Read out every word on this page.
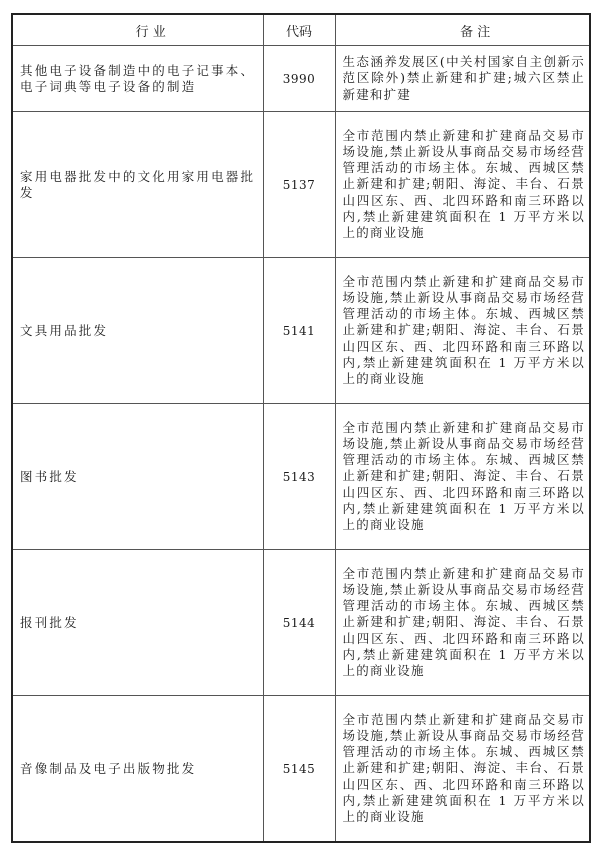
行 业	代码	备 注
其他电子设备制造中的电子记事本、电子词典等电子设备的制造	3990	生态涵养发展区(中关村国家自主创新示范区除外)禁止新建和扩建;城六区禁止新建和扩建
家用电器批发中的文化用家用电器批发	5137	全市范围内禁止新建和扩建商品交易市场设施,禁止新设从事商品交易市场经营管理活动的市场主体。东城、西城区禁止新建和扩建;朝阳、海淀、丰台、石景山四区东、西、北四环路和南三环路以内,禁止新建建筑面积在 1 万平方米以上的商业设施
文具用品批发	5141	全市范围内禁止新建和扩建商品交易市场设施,禁止新设从事商品交易市场经营管理活动的市场主体。东城、西城区禁止新建和扩建;朝阳、海淀、丰台、石景山四区东、西、北四环路和南三环路以内,禁止新建建筑面积在 1 万平方米以上的商业设施
图书批发	5143	全市范围内禁止新建和扩建商品交易市场设施,禁止新设从事商品交易市场经营管理活动的市场主体。东城、西城区禁止新建和扩建;朝阳、海淀、丰台、石景山四区东、西、北四环路和南三环路以内,禁止新建建筑面积在 1 万平方米以上的商业设施
报刊批发	5144	全市范围内禁止新建和扩建商品交易市场设施,禁止新设从事商品交易市场经营管理活动的市场主体。东城、西城区禁止新建和扩建;朝阳、海淀、丰台、石景山四区东、西、北四环路和南三环路以内,禁止新建建筑面积在 1 万平方米以上的商业设施
音像制品及电子出版物批发	5145	全市范围内禁止新建和扩建商品交易市场设施,禁止新设从事商品交易市场经营管理活动的市场主体。东城、西城区禁止新建和扩建;朝阳、海淀、丰台、石景山四区东、西、北四环路和南三环路以内,禁止新建建筑面积在 1 万平方米以上的商业设施
